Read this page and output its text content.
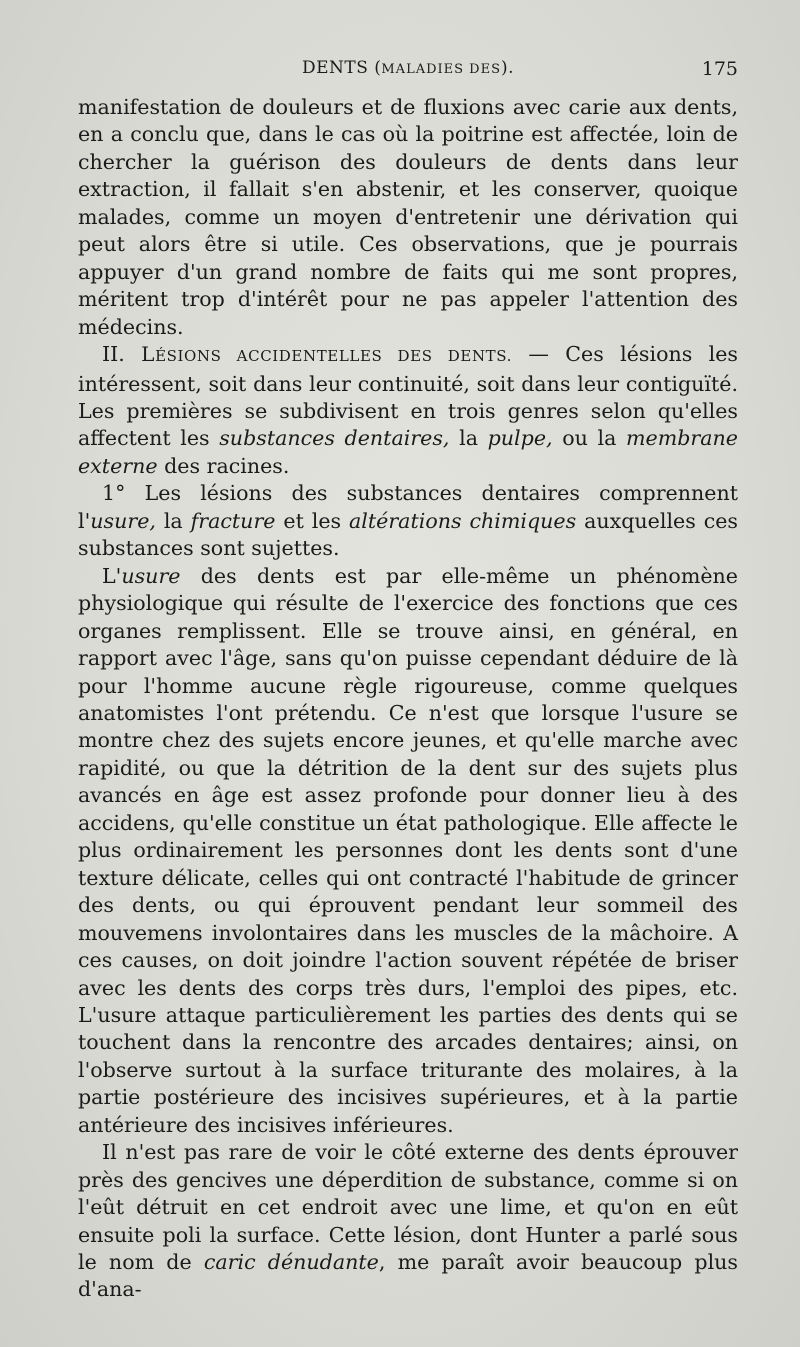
DENTS (MALADIES DES).	175

manifestation de douleurs et de fluxions avec carie aux dents, en a conclu que, dans le cas où la poitrine est affectée, loin de chercher la guérison des douleurs de dents dans leur extraction, il fallait s'en abstenir, et les conserver, quoique malades, comme un moyen d'entretenir une dérivation qui peut alors être si utile. Ces observations, que je pourrais appuyer d'un grand nombre de faits qui me sont propres, méritent trop d'intérêt pour ne pas appeler l'attention des médecins.

II. LÉSIONS ACCIDENTELLES DES DENTS. — Ces lésions les intéressent, soit dans leur continuité, soit dans leur contiguïté. Les premières se subdivisent en trois genres selon qu'elles affectent les substances dentaires, la pulpe, ou la membrane externe des racines.

1° Les lésions des substances dentaires comprennent l'usure, la fracture et les altérations chimiques auxquelles ces substances sont sujettes.

L'usure des dents est par elle-même un phénomène physiologique qui résulte de l'exercice des fonctions que ces organes remplissent. Elle se trouve ainsi, en général, en rapport avec l'âge, sans qu'on puisse cependant déduire de là pour l'homme aucune règle rigoureuse, comme quelques anatomistes l'ont prétendu. Ce n'est que lorsque l'usure se montre chez des sujets encore jeunes, et qu'elle marche avec rapidité, ou que la détrition de la dent sur des sujets plus avancés en âge est assez profonde pour donner lieu à des accidens, qu'elle constitue un état pathologique. Elle affecte le plus ordinairement les personnes dont les dents sont d'une texture délicate, celles qui ont contracté l'habitude de grincer des dents, ou qui éprouvent pendant leur sommeil des mouvemens involontaires dans les muscles de la mâchoire. A ces causes, on doit joindre l'action souvent répétée de briser avec les dents des corps très durs, l'emploi des pipes, etc. L'usure attaque particulièrement les parties des dents qui se touchent dans la rencontre des arcades dentaires; ainsi, on l'observe surtout à la surface triturante des molaires, à la partie postérieure des incisives supérieures, et à la partie antérieure des incisives inférieures.

Il n'est pas rare de voir le côté externe des dents éprouver près des gencives une déperdition de substance, comme si on l'eût détruit en cet endroit avec une lime, et qu'on en eût ensuite poli la surface. Cette lésion, dont Hunter a parlé sous le nom de caric dénudante, me paraît avoir beaucoup plus d'ana-
